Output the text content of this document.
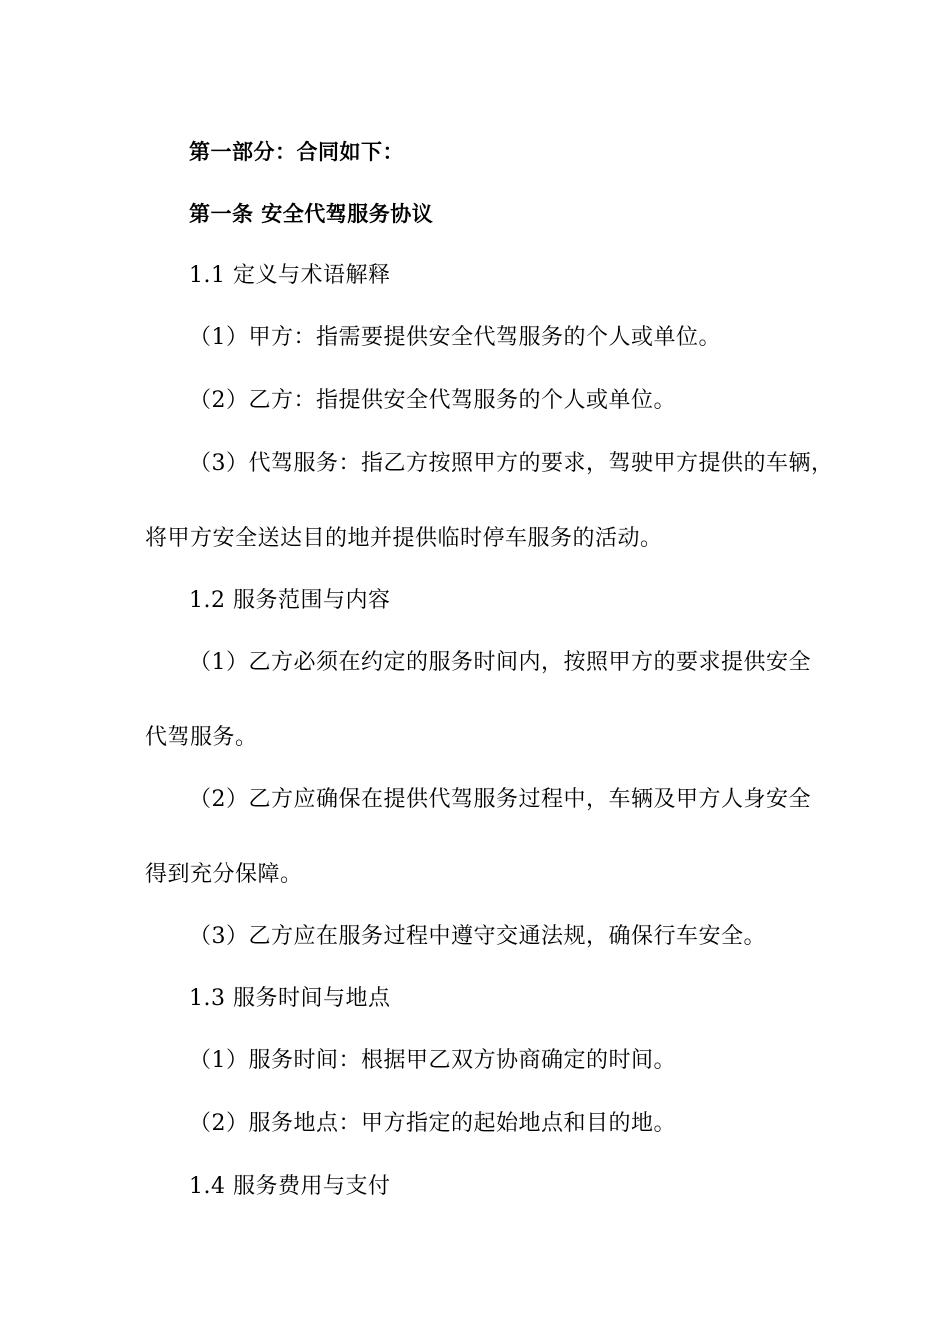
第一部分：合同如下：
第一条 安全代驾服务协议
1.1 定义与术语解释
（1）甲方：指需要提供安全代驾服务的个人或单位。
（2）乙方：指提供安全代驾服务的个人或单位。
（3）代驾服务：指乙方按照甲方的要求，驾驶甲方提供的车辆，
将甲方安全送达目的地并提供临时停车服务的活动。
1.2 服务范围与内容
（1）乙方必须在约定的服务时间内，按照甲方的要求提供安全
代驾服务。
（2）乙方应确保在提供代驾服务过程中，车辆及甲方人身安全
得到充分保障。
（3）乙方应在服务过程中遵守交通法规，确保行车安全。
1.3 服务时间与地点
（1）服务时间：根据甲乙双方协商确定的时间。
（2）服务地点：甲方指定的起始地点和目的地。
1.4 服务费用与支付
